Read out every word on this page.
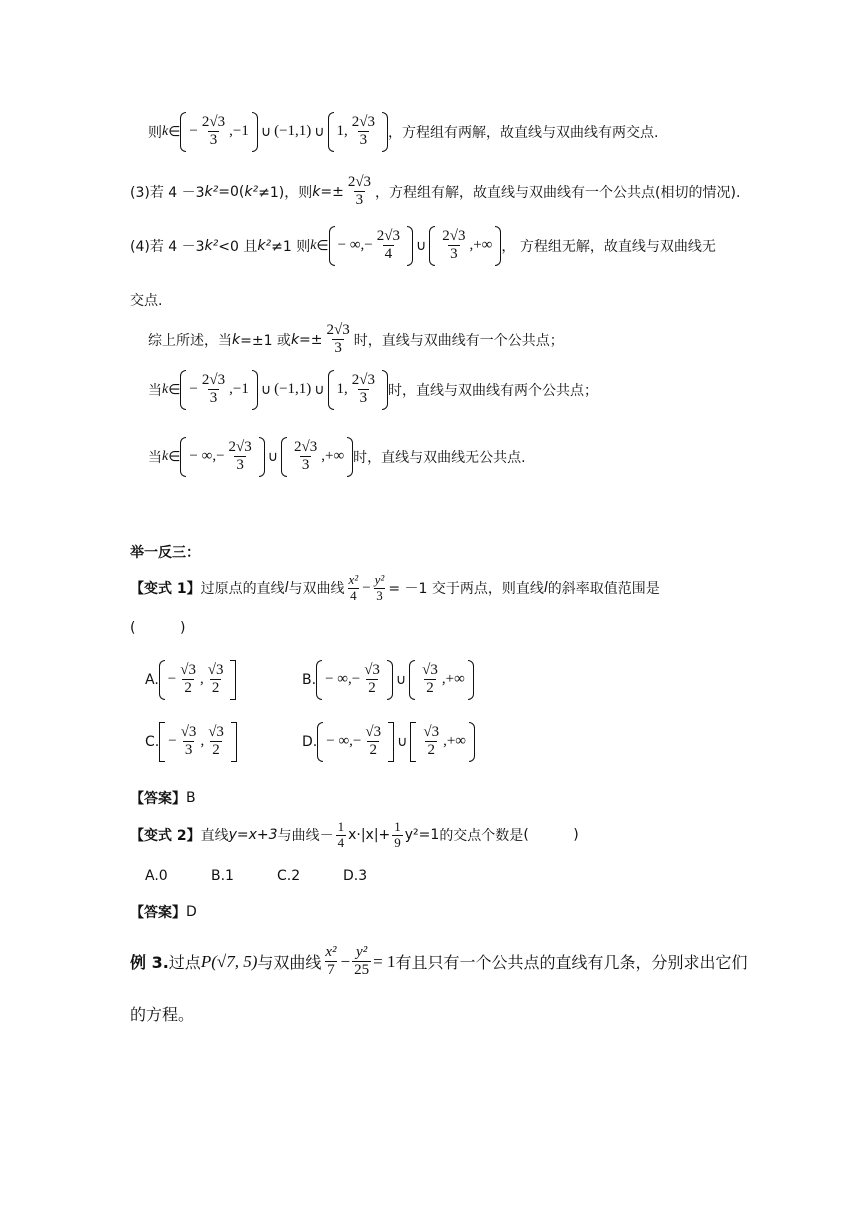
则 k ∈ − $\frac{2√3}{3}$ , −1 ∪ (−1,1) ∪ 1 , $\frac{2√3}{3}$ ，方程组有两解，故直线与双曲线有两交点.
(3)若 4 －3 k² =0( k² ≠1)，则 $k =\pm \frac{2√3}{3}$ ，方程组有解，故直线与双曲线有一个公共点(相切的情况).
(4)若 4 －3 k² <0 且 k² ≠1 则 k ∈ − ∞, − $\frac{2√3}{4}$ ∪ $\frac{2√3}{3}$ ,+∞ ， 方程组无解，故直线与双曲线无
交点.
综上所述，当 k =±1 或 $k =\pm \frac{2√3}{3}$ 时，直线与双曲线有一个公共点；
当 k ∈ − $\frac{2√3}{3}$ , −1 ∪ (−1,1) ∪ 1 , $\frac{2√3}{3}$ 时，直线与双曲线有两个公共点；
当 k ∈ − ∞, − $\frac{2√3}{3}$ ∪ $\frac{2√3}{3}$ ,+∞ 时，直线与双曲线无公共点.
举一反三：
【变式 1】 过原点的直线 l 与双曲线 $\frac{\text{x²}}{4} - \frac{\text{y²}}{3} = -1$ 交于两点，则直线 l 的斜率取值范围是
(          )
A. − $\frac{√3}{2}$ , $\frac{√3}{2}$	B. − ∞, − $\frac{√3}{2}$ ∪ $\frac{√3}{2}$ ,+∞
C. − $\frac{√3}{3}$ , $\frac{√3}{2}$	D. − ∞, − $\frac{√3}{2}$ ∪ $\frac{√3}{2}$ ,+∞
【答案】 B
【变式 2】 直线 y=x+3 与曲线－ $\frac{1}{4} x\cdot|x|+ \frac{1}{9} y^2=1$ 的交点个数是 (          )
A.0	B.1	C.2	D.3
【答案】 D
例 3. 过点 P(√7, 5) 与双曲线 $\frac{\text{x²}}{7} - \frac{\text{y²}}{25} = 1$ 有且只有一个公共点的直线有几条，分别求出它们
的方程。
